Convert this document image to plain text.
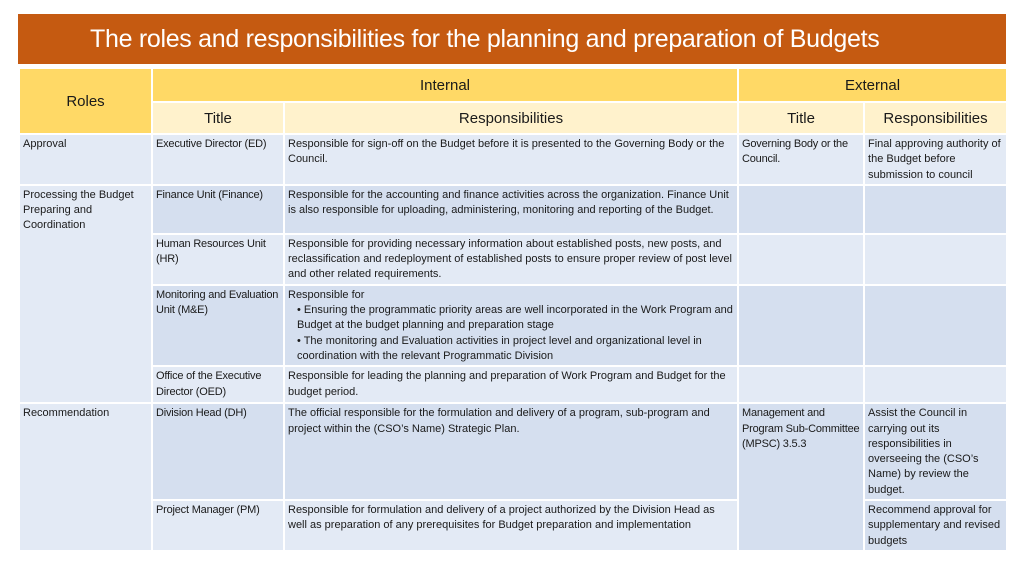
The roles and responsibilities for the planning and preparation of Budgets
Roles	Internal		External	
	Title	Responsibilities	Title	Responsibilities
Approval	Executive Director (ED)	Responsible for sign-off on the Budget before it is presented to the Governing Body or the Council.	Governing Body or the Council.	Final approving authority of the Budget before submission to council
Processing the Budget Preparing and Coordination	Finance Unit (Finance)	Responsible for the accounting and finance activities across the organization. Finance Unit is also responsible for uploading, administering, monitoring and reporting of the Budget.		
	Human Resources Unit (HR)	Responsible for providing necessary information about established posts, new posts, and reclassification and redeployment of established posts to ensure proper review of post level and other related requirements.		
	Monitoring and Evaluation Unit (M&E)	Responsible for
• Ensuring the programmatic priority areas are well incorporated in the Work Program and Budget at the budget planning and preparation stage
• The monitoring and Evaluation activities in project level and organizational level in coordination with the relevant Programmatic Division		

	Office of the Executive Director (OED)	Responsible for leading the planning and preparation of Work Program and Budget for the budget period.		
Recommendation	Division Head (DH)	The official responsible for the formulation and delivery of a program, sub-program and project within the (CSO’s Name) Strategic Plan.	Management and Program Sub-Committee (MPSC) 3.5.3	Assist the Council in carrying out its responsibilities in overseeing the (CSO’s Name) by review the budget.
	Project Manager (PM)	Responsible for formulation and delivery of a project authorized by the Division Head as well as preparation of any prerequisites for Budget preparation and implementation		Recommend approval for supplementary and revised budgets
